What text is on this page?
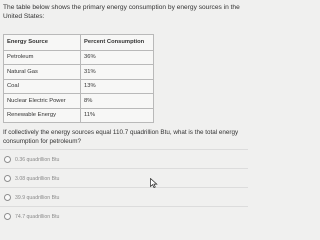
The table below shows the primary energy consumption by energy sources in the United States:
Energy Source	Percent Consumption
Petroleum	36%
Natural Gas	31%
Coal	13%
Nuclear Electric Power	8%
Renewable Energy	11%
If collectively the energy sources equal 110.7 quadrillion Btu, what is the total energy consumption for petroleum?
0.36 quadrillion Btu
3.08 quadrillion Btu
39.9 quadrillion Btu
74.7 quadrillion Btu
